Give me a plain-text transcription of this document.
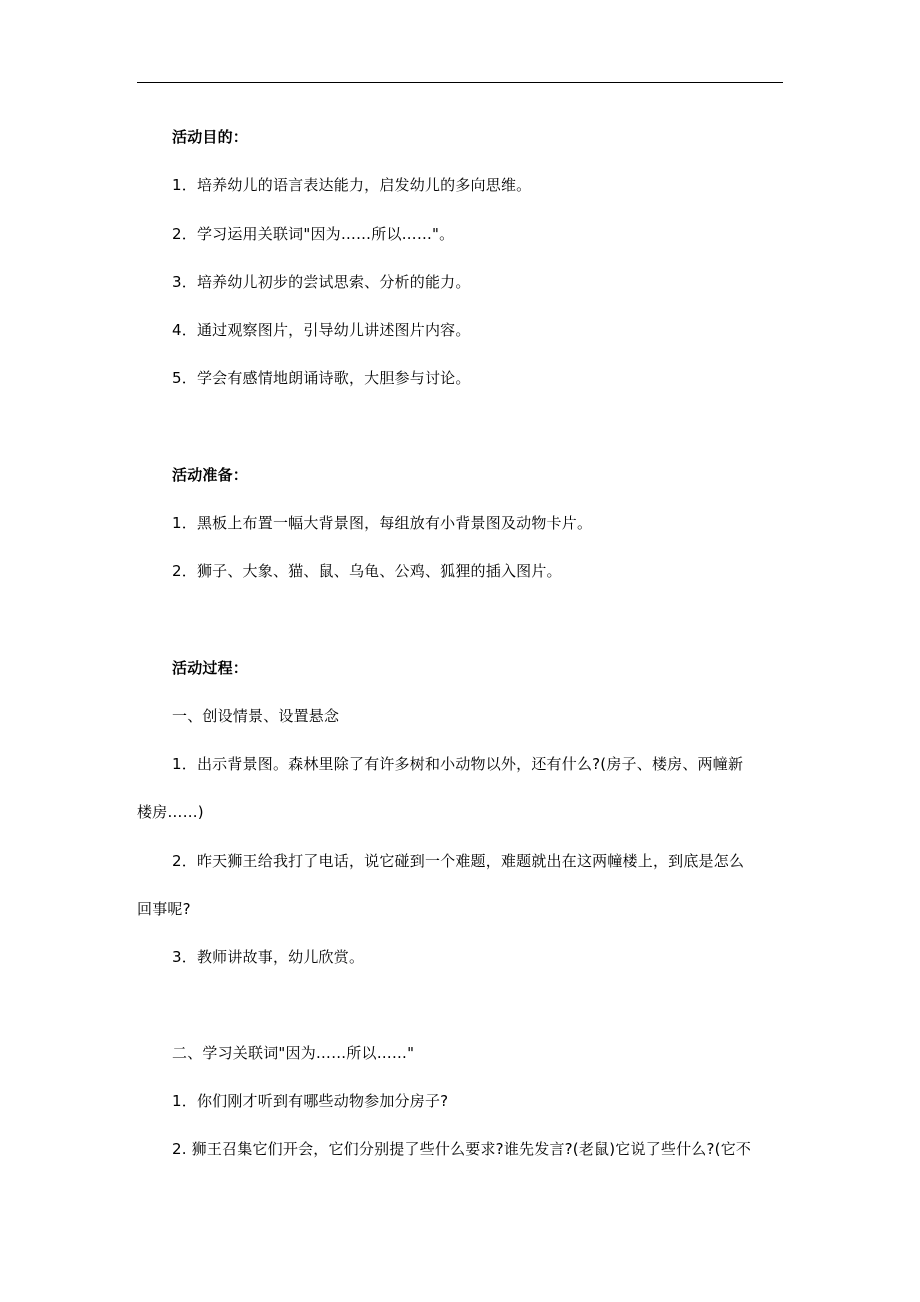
活动目的：
1．培养幼儿的语言表达能力，启发幼儿的多向思维。
2．学习运用关联词"因为……所以……"。
3．培养幼儿初步的尝试思索、分析的能力。
4．通过观察图片，引导幼儿讲述图片内容。
5．学会有感情地朗诵诗歌，大胆参与讨论。
活动准备：
1．黑板上布置一幅大背景图，每组放有小背景图及动物卡片。
2．狮子、大象、猫、鼠、乌龟、公鸡、狐狸的插入图片。
活动过程：
一、创设情景、设置悬念
1．出示背景图。森林里除了有许多树和小动物以外，还有什么?(房子、楼房、两幢新
楼房……)
2．昨天狮王给我打了电话，说它碰到一个难题，难题就出在这两幢楼上，到底是怎么
回事呢?
3．教师讲故事，幼儿欣赏。
二、学习关联词"因为……所以……"
1．你们刚才听到有哪些动物参加分房子?
2. 狮王召集它们开会，它们分别提了些什么要求?谁先发言?(老鼠)它说了些什么?(它不
